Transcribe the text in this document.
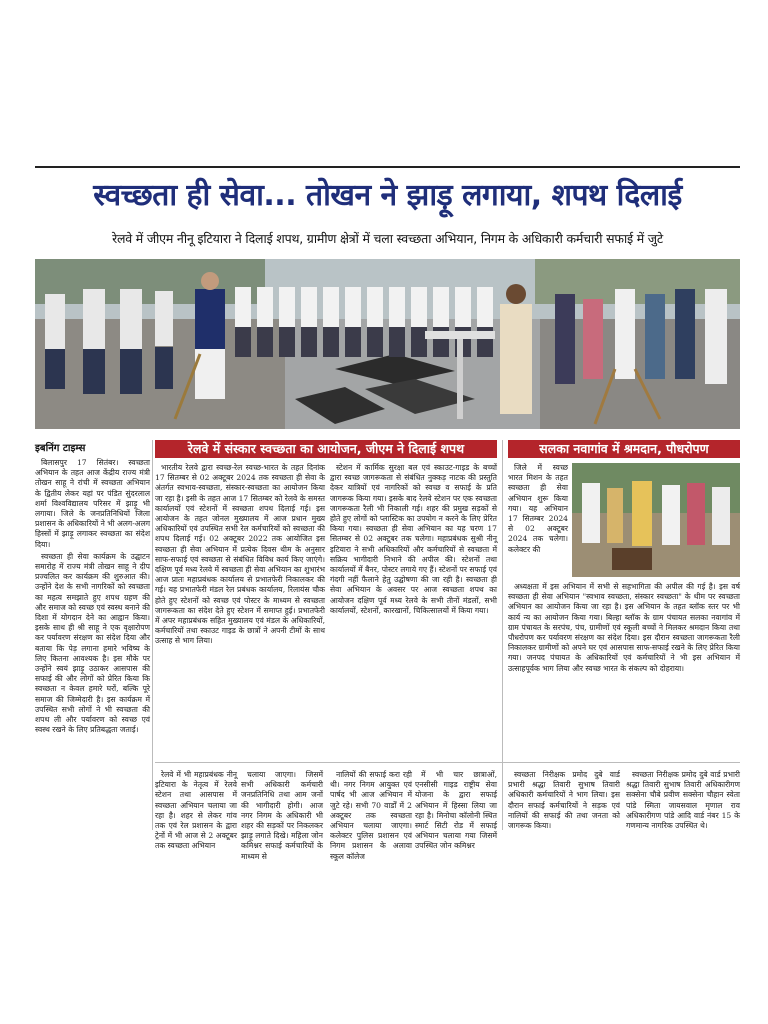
स्वच्छता ही सेवा... तोखन ने झाड़ू लगाया, शपथ दिलाई
रेलवे में जीएम नीनू इटियारा ने दिलाई शपथ, ग्रामीण क्षेत्रों में चला स्वच्छता अभियान, निगम के अधिकारी कर्मचारी सफाई में जुटे
इबनिंग टाइम्स	रेलवे में संस्कार स्वच्छता का आयोजन, जीएम ने दिलाई शपथ	सलका नवागांव में श्रमदान, पौधरोपण

बिलासपुर 17 सितंबर। स्वच्छता अभियान के तहत आज केंद्रीय राज्य मंत्री तोखन साहू ने रांची में स्वच्छता अभियान के द्वितीय लेकर यहां पर पंडित सुंदरलाल शर्मा विश्वविद्यालय परिसर में झाड़ू भी लगाया। जिले के जनप्रतिनिधियों जिला प्रशासन के अधिकारियों ने भी अलग-अलग हिस्सों में झाड़ू लगाकर स्वच्छता का संदेश दिया।

स्वच्छता ही सेवा कार्यक्रम के उद्घाटन समारोह में राज्य मंत्री तोखन साहू ने दीप प्रज्वलित कर कार्यक्रम की शुरुआत की। उन्होंने देश के सभी नागरिकों को स्वच्छता का महत्व समझाते हुए शपथ ग्रहण की और समाज को स्वच्छ एवं स्वस्थ बनाने की दिशा में योगदान देने का आह्वान किया। इसके साथ ही श्री साहू ने एक वृक्षारोपण कर पर्यावरण संरक्षण का संदेश दिया और बताया कि पेड़ लगाना हमारे भविष्य के लिए कितना आवश्यक है। इस मौके पर उन्होंने स्वयं झाड़ू उठाकर आसपास की सफाई की और लोगों को प्रेरित किया कि स्वच्छता न केवल हमारे घरों, बल्कि पूरे समाज की जिम्मेदारी है। इस कार्यक्रम में उपस्थित सभी लोगों ने भी स्वच्छता की शपथ ली और पर्यावरण को स्वच्छ एवं स्वस्थ रखने के लिए प्रतिबद्धता जताई।

भारतीय रेलवे द्वारा स्वच्छ-रेल स्वच्छ-भारत के तहत दिनांक 17 सितम्बर से 02 अक्टूबर 2024 तक स्वच्छता ही सेवा के अंतर्गत स्वभाव-स्वच्छता, संस्कार-स्वच्छता का आयोजन किया जा रहा है। इसी के तहत आज 17 सितम्बर को रेलवे के समस्त कार्यालयों एवं स्टेशनों में स्वच्छता शपथ दिलाई गई। इस आयोजन के तहत जोनल मुख्यालय में आज प्रधान मुख्य अधिकारियों एवं उपस्थित सभी रेल कर्मचारियों को स्वच्छता की शपथ दिलाई गई। 02 अक्टूबर 2022 तक आयोजित इस स्वच्छता ही सेवा अभियान में प्रत्येक दिवस थीम के अनुसार साफ-सफाई एवं स्वच्छता से संबंधित विविध कार्य किए जाएंगे। दक्षिण पूर्व मध्य रेलवे में स्वच्छता ही सेवा अभियान का शुभारंभ आज प्रातः महाप्रबंधक कार्यालय से प्रभातफेरी निकालकर की गई। यह प्रभातफेरी मंडल रेल प्रबंधक कार्यालय, रिलायंस चौक होते हुए स्टेशनों को स्वच्छ एवं पोस्टर के माध्यम से स्वच्छता जागरूकता का संदेश देते हुए स्टेशन में समाप्त हुई। प्रभातफेरी में अपर महाप्रबंधक सहित मुख्यालय एवं मंडल के अधिकारियों, कर्मचारियों तथा स्काउट गाइड के छात्रों ने अपनी टीमों के साथ उत्साह से भाग लिया।

स्टेशन में कार्मिक सुरक्षा बल एवं स्काउट-गाइड के बच्चों द्वारा स्वच्छ जागरूकता से संबंधित नुक्कड़ नाटक की प्रस्तुति देकर यात्रियों एवं नागरिकों को स्वच्छ व सफाई के प्रति जागरूक किया गया। इसके बाद रेलवे स्टेशन पर एक स्वच्छता जागरूकता रैली भी निकाली गई। शहर की प्रमुख सड़कों से होते हुए लोगों को प्लास्टिक का उपयोग न करने के लिए प्रेरित किया गया। स्वच्छता ही सेवा अभियान का यह चरण 17 सितम्बर से 02 अक्टूबर तक चलेगा। महाप्रबंधक सुश्री नीनू इटियारा ने सभी अधिकारियों और कर्मचारियों से स्वच्छता में सक्रिय भागीदारी निभाने की अपील की। स्टेशनों तथा कार्यालयों में बैनर, पोस्टर लगाये गए हैं। स्टेशनों पर सफाई एवं गंदगी नहीं फैलाने हेतु उद्घोषणा की जा रही है। स्वच्छता ही सेवा अभियान के अवसर पर आज स्वच्छता शपथ का आयोजन दक्षिण पूर्व मध्य रेलवे के सभी तीनों मंडलों, सभी कार्यालयों, स्टेशनों, कारखानों, चिकित्सालयों में किया गया।

जिले में स्वच्छ भारत मिशन के तहत स्वच्छता ही सेवा अभियान शुरू किया गया। यह अभियान 17 सितम्बर 2024 से 02 अक्टूबर 2024 तक चलेगा। कलेक्टर की

अध्यक्षता में इस अभियान में सभी से सहभागिता की अपील की गई है। इस वर्ष स्वच्छता ही सेवा अभियान "स्वभाव स्वच्छता, संस्कार स्वच्छता" के थीम पर स्वच्छता अभियान का आयोजन किया जा रहा है। इस अभियान के तहत ब्लॉक स्तर पर भी कार्य न्य का आयोजन किया गया। बिल्हा ब्लॉक के ग्राम पंचायत सलका नवागांव में ग्राम पंचायत के सरपंच, पंच, ग्रामीणों एवं स्कूली बच्चों ने मिलकर श्रमदान किया तथा पौधरोपण कर पर्यावरण संरक्षण का संदेश दिया। इस दौरान स्वच्छता जागरूकता रैली निकालकर ग्रामीणों को अपने घर एवं आसपास साफ-सफाई रखने के लिए प्रेरित किया गया। जनपद पंचायत के अधिकारियों एवं कर्मचारियों ने भी इस अभियान में उत्साहपूर्वक भाग लिया और स्वच्छ भारत के संकल्प को दोहराया।

रेलवे में भी महाप्रबंधक नीनू इटियारा के नेतृत्व में रेलवे स्टेशन तथा आसपास में स्वच्छता अभियान चलाया जा रहा है। शहर से लेकर गांव तक एवं रेल प्रशासन के द्वारा ट्रेनों में भी आज से 2 अक्टूबर तक स्वच्छता अभियान

चलाया जाएगा। जिसमें सभी अधिकारी कर्मचारी जनप्रतिनिधि तथा आम जनों की भागीदारी होगी। आज नगर निगम के अधिकारी भी शहर की सड़कों पर निकलकर झाड़ू लगाते दिखे। महिला जोन कमिश्नर सफाई कर्मचारियों के माध्यम से

नालियों की सफाई करा रही थी। नगर निगम आयुक्त एवं पार्षद भी आज अभियान में जुटे रहे। सभी 70 वार्डों में 2 अक्टूबर तक स्वच्छता अभियान चलाया जाएगा। कलेक्टर पुलिस प्रशासन एवं निगम प्रशासन के अलावा स्कूल कॉलेज

में भी चार छात्राओं, एनसीसी गाइड राष्ट्रीय सेवा योजना के द्वारा सफाई अभियान में हिस्सा लिया जा रहा है। मिनोचा कॉलोनी स्थित स्मार्ट सिटी रोड में सफाई अभियान चलाया गया जिसमें उपस्थित जोन कमिश्नर

स्वच्छता निरीक्षक प्रमोद दुबे वार्ड प्रभारी श्रद्धा तिवारी सुभाष तिवारी अधिकारी कर्मचारियों ने भाग लिया। इस दौरान सफाई कर्मचारियों ने सड़क एवं नालियों की सफाई की तथा जनता को जागरूक किया।

स्वच्छता निरीक्षक प्रमोद दुबे वार्ड प्रभारी श्रद्धा तिवारी सुभाष तिवारी अधिकारीगण सक्सेना चौबे प्रवीण सक्सेना चौहान स्वेता पांडे स्मिता जायसवाल मृणाल राव अधिकारीगण पांडे आदि वार्ड नंबर 15 के गणमान्य नागरिक उपस्थित थे।
